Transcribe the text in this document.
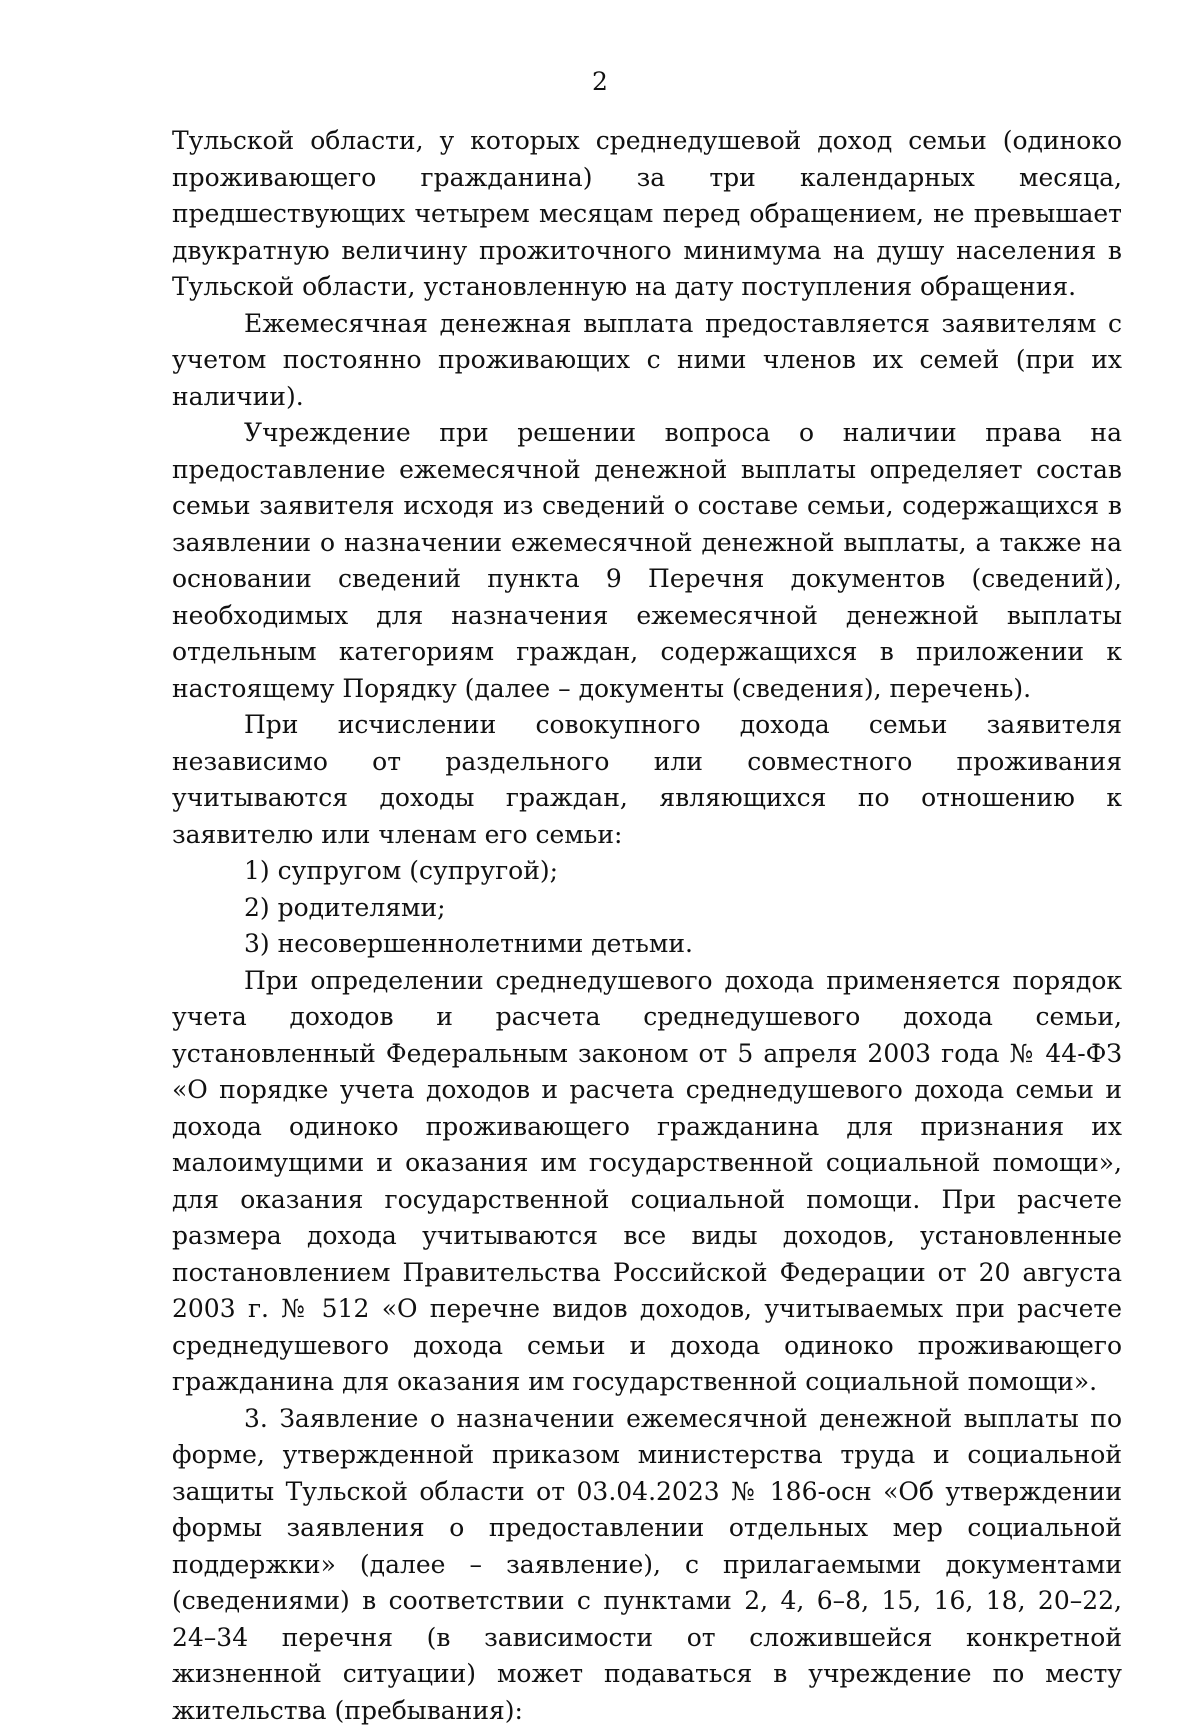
2

Тульской области, у которых среднедушевой доход семьи (одиноко проживающего гражданина) за три календарных месяца, предшествующих четырем месяцам перед обращением, не превышает двукратную величину прожиточного минимума на душу населения в Тульской области, установленную на дату поступления обращения.

Ежемесячная денежная выплата предоставляется заявителям с учетом постоянно проживающих с ними членов их семей (при их наличии).

Учреждение при решении вопроса о наличии права на предоставление ежемесячной денежной выплаты определяет состав семьи заявителя исходя из сведений о составе семьи, содержащихся в заявлении о назначении ежемесячной денежной выплаты, а также на основании сведений пункта 9 Перечня документов (сведений), необходимых для назначения ежемесячной денежной выплаты отдельным категориям граждан, содержащихся в приложении к настоящему Порядку (далее – документы (сведения), перечень).

При исчислении совокупного дохода семьи заявителя независимо от раздельного или совместного проживания учитываются доходы граждан, являющихся по отношению к заявителю или членам его семьи:

1) супругом (супругой);

2) родителями;

3) несовершеннолетними детьми.

При определении среднедушевого дохода применяется порядок учета доходов и расчета среднедушевого дохода семьи, установленный Федеральным законом от 5 апреля 2003 года № 44-ФЗ «О порядке учета доходов и расчета среднедушевого дохода семьи и дохода одиноко проживающего гражданина для признания их малоимущими и оказания им государственной социальной помощи», для оказания государственной социальной помощи. При расчете размера дохода учитываются все виды доходов, установленные постановлением Правительства Российской Федерации от 20 августа 2003 г. № 512 «О перечне видов доходов, учитываемых при расчете среднедушевого дохода семьи и дохода одиноко проживающего гражданина для оказания им государственной социальной помощи».

3. Заявление о назначении ежемесячной денежной выплаты по форме, утвержденной приказом министерства труда и социальной защиты Тульской области от 03.04.2023 № 186-осн «Об утверждении формы заявления о предоставлении отдельных мер социальной поддержки» (далее – заявление), с прилагаемыми документами (сведениями) в соответствии с пунктами 2, 4, 6–8, 15, 16, 18, 20–22, 24–34 перечня (в зависимости от сложившейся конкретной жизненной ситуации) может подаваться в учреждение по месту жительства (пребывания):
